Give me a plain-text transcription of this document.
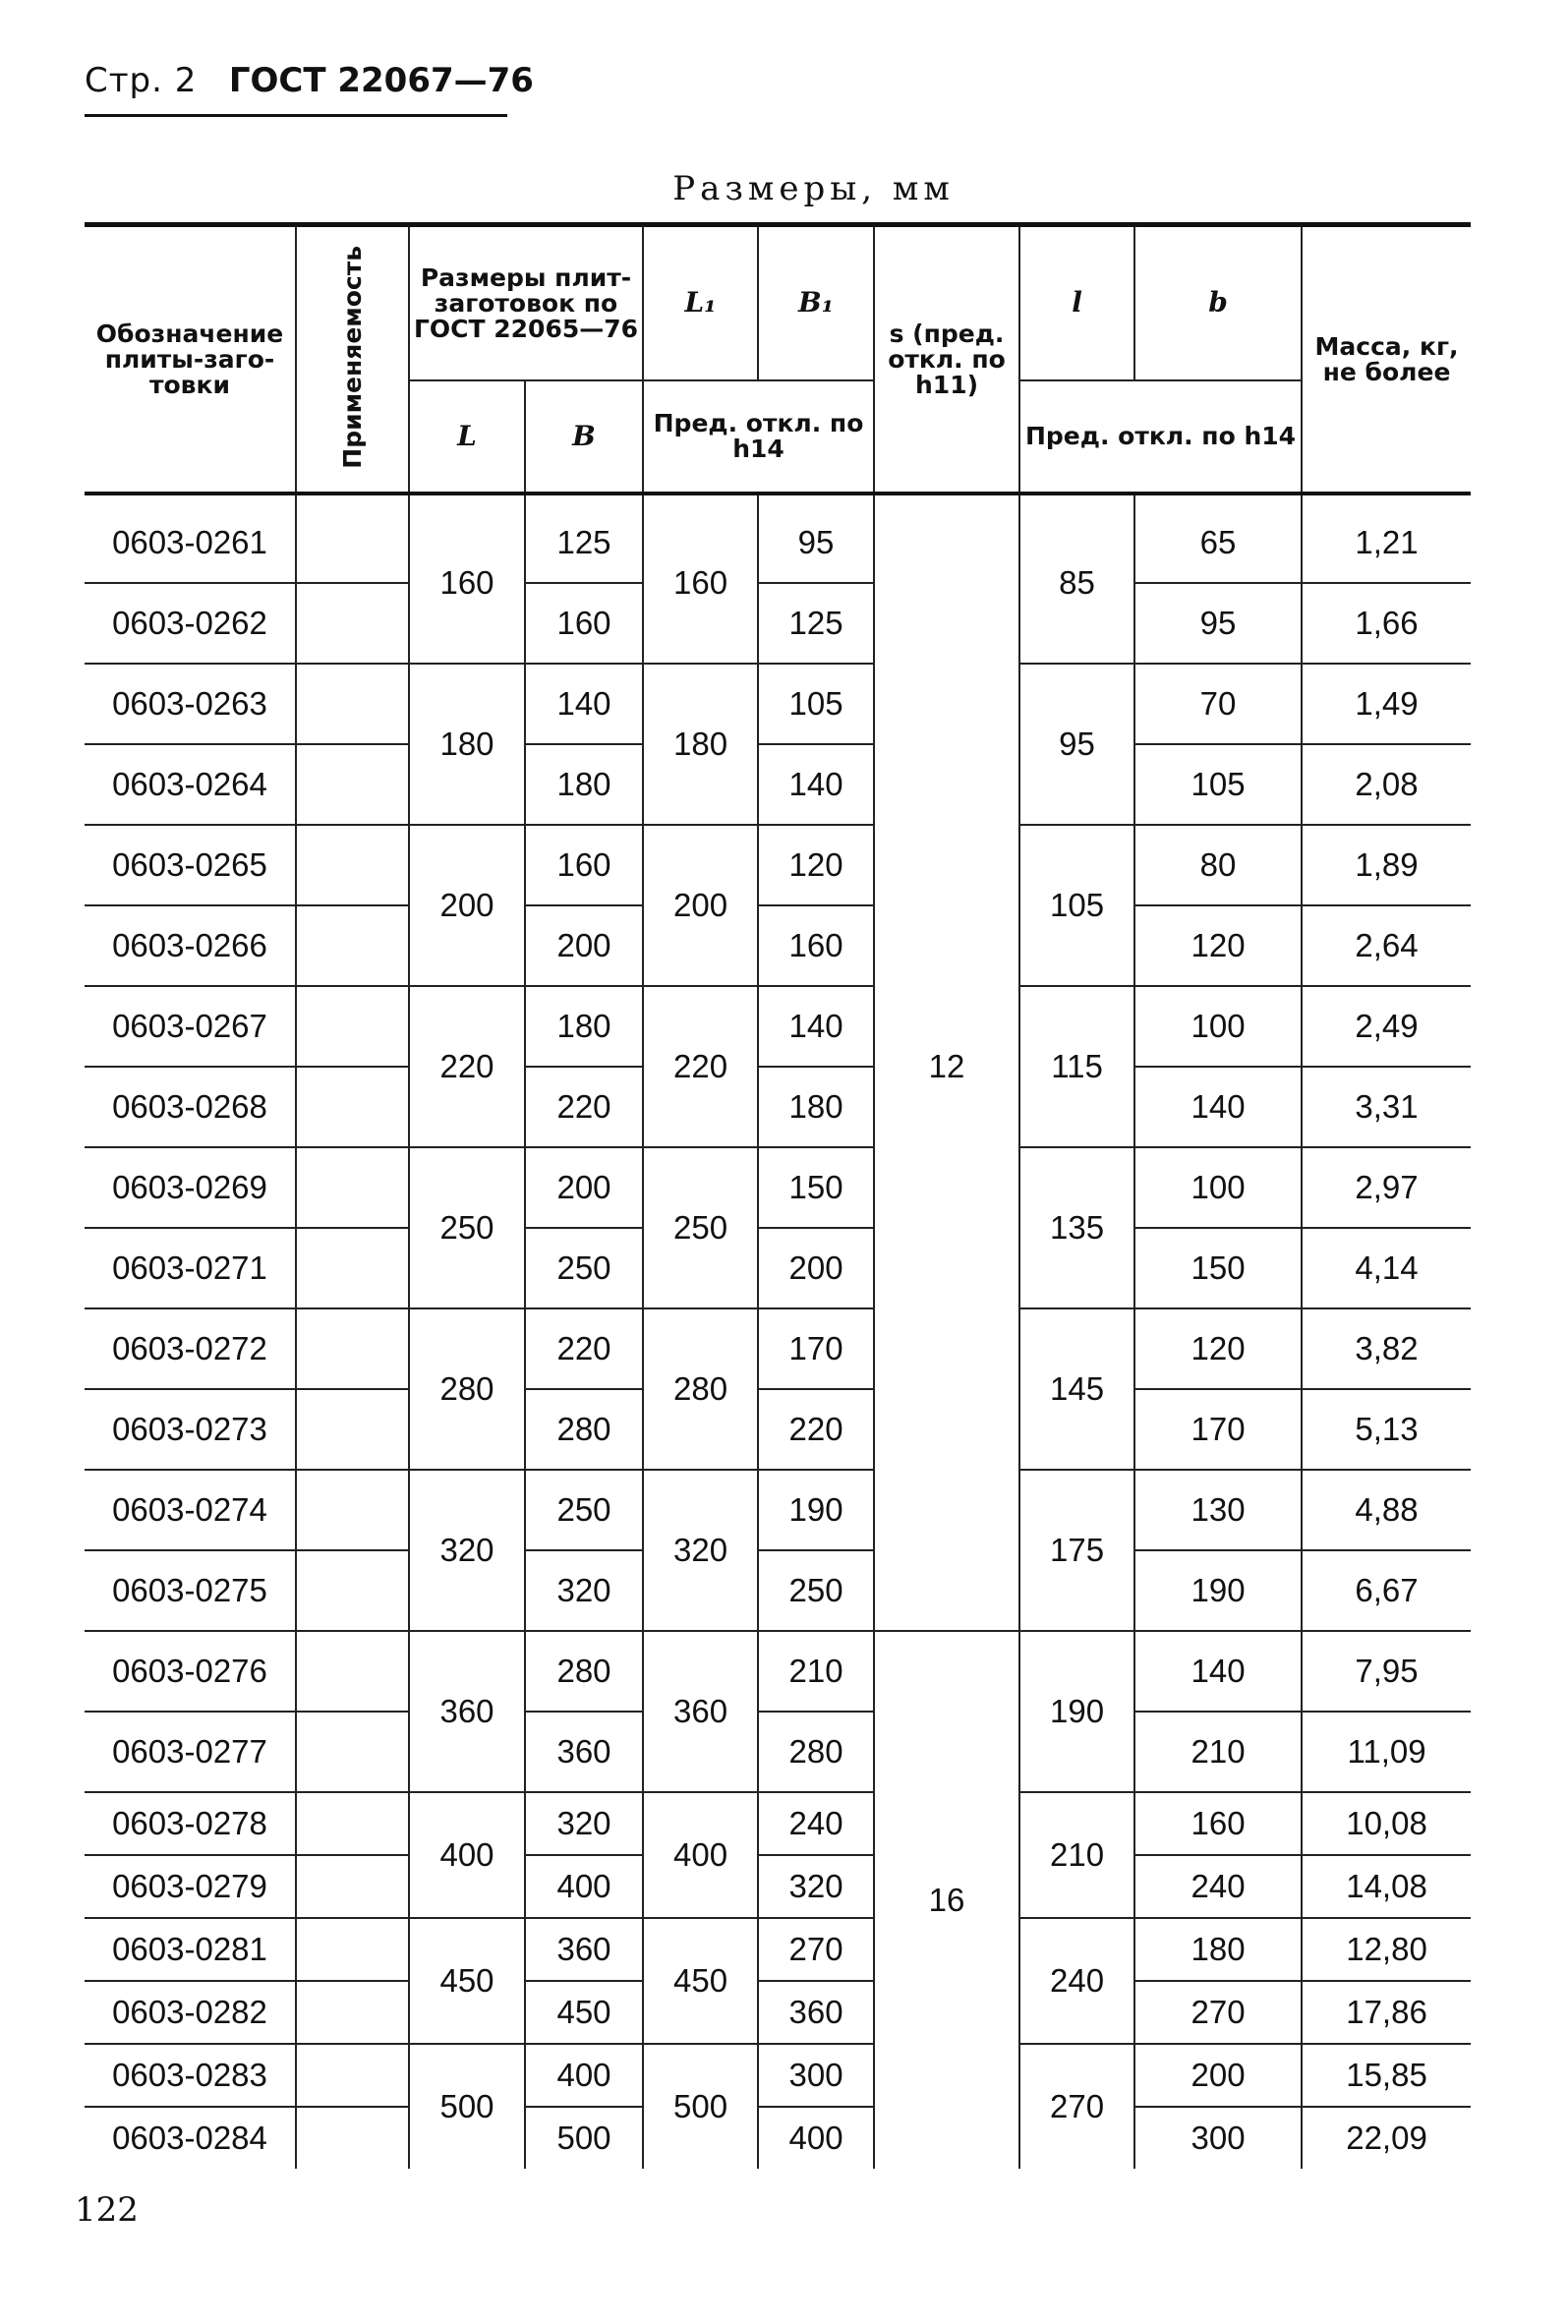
Стр. 2 ГОСТ 22067—76
Размеры, мм
Обозначение плиты-заго-товки	Применяемость	Размеры плит-заготовок по ГОСТ 22065—76		L₁	B₁	s (пред. откл. по h11)	l	b	Масса, кг, не более
		L	B	Пред. откл. по h14			Пред. откл. по h14		

0603-0261		160	125	160	95	12	85	65	1,21
0603-0262			160		125			95	1,66
0603-0263		180	140	180	105		95	70	1,49
0603-0264			180		140			105	2,08
0603-0265		200	160	200	120		105	80	1,89
0603-0266			200		160			120	2,64
0603-0267		220	180	220	140		115	100	2,49
0603-0268			220		180			140	3,31
0603-0269		250	200	250	150		135	100	2,97
0603-0271			250		200			150	4,14
0603-0272		280	220	280	170		145	120	3,82
0603-0273			280		220			170	5,13
0603-0274		320	250	320	190		175	130	4,88
0603-0275			320		250			190	6,67
0603-0276		360	280	360	210	16	190	140	7,95
0603-0277			360		280			210	11,09
0603-0278		400	320	400	240		210	160	10,08
0603-0279			400		320			240	14,08
0603-0281		450	360	450	270		240	180	12,80
0603-0282			450		360			270	17,86
0603-0283		500	400	500	300		270	200	15,85
0603-0284			500		400			300	22,09
122
